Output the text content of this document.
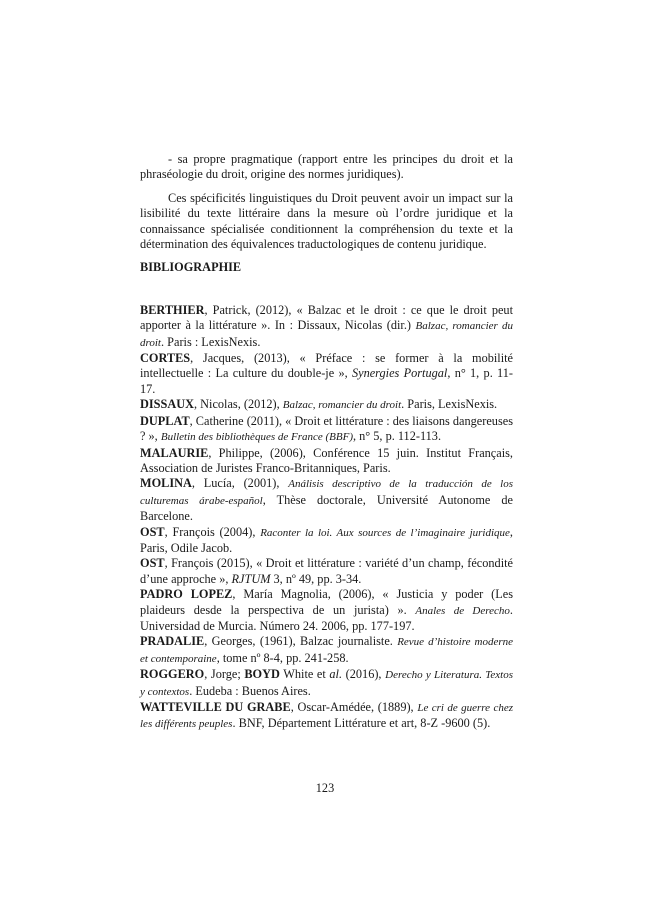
- sa propre pragmatique (rapport entre les principes du droit et la phraséologie du droit, origine des normes juridiques).

Ces spécificités linguistiques du Droit peuvent avoir un impact sur la lisibilité du texte littéraire dans la mesure où l’ordre juridique et la connaissance spécialisée conditionnent la compréhension du texte et la détermination des équivalences traductologiques de contenu juridique.

BIBLIOGRAPHIE

BERTHIER, Patrick, (2012), « Balzac et le droit : ce que le droit peut apporter à la littérature ». In : Dissaux, Nicolas (dir.) Balzac, romancier du droit. Paris : LexisNexis.

CORTES, Jacques, (2013), « Préface : se former à la mobilité intellectuelle : La culture du double-je », Synergies Portugal, n° 1, p. 11-17.

DISSAUX, Nicolas, (2012), Balzac, romancier du droit. Paris, LexisNexis.

DUPLAT, Catherine (2011), « Droit et littérature : des liaisons dangereuses ? », Bulletin des bibliothèques de France (BBF), n° 5, p. 112-113.

MALAURIE, Philippe, (2006), Conférence 15 juin. Institut Français, Association de Juristes Franco-Britanniques, Paris.

MOLINA, Lucía, (2001), Análisis descriptivo de la traducción de los culturemas árabe-español, Thèse doctorale, Université Autonome de Barcelone.

OST, François (2004), Raconter la loi. Aux sources de l’imaginaire juridique, Paris, Odile Jacob.

OST, François (2015), « Droit et littérature : variété d’un champ, fécondité d’une approche », RJTUM 3, nº 49, pp. 3-34.

PADRO LOPEZ, María Magnolia, (2006), « Justicia y poder (Les plaideurs desde la perspectiva de un jurista) ». Anales de Derecho. Universidad de Murcia. Número 24. 2006, pp. 177-197.

PRADALIE, Georges, (1961), Balzac journaliste. Revue d’histoire moderne et contemporaine, tome nº 8-4, pp. 241-258.

ROGGERO, Jorge; BOYD White et al. (2016), Derecho y Literatura. Textos y contextos. Eudeba : Buenos Aires.

WATTEVILLE DU GRABE, Oscar-Amédée, (1889), Le cri de guerre chez les différents peuples. BNF, Département Littérature et art, 8-Z -9600 (5).

123
